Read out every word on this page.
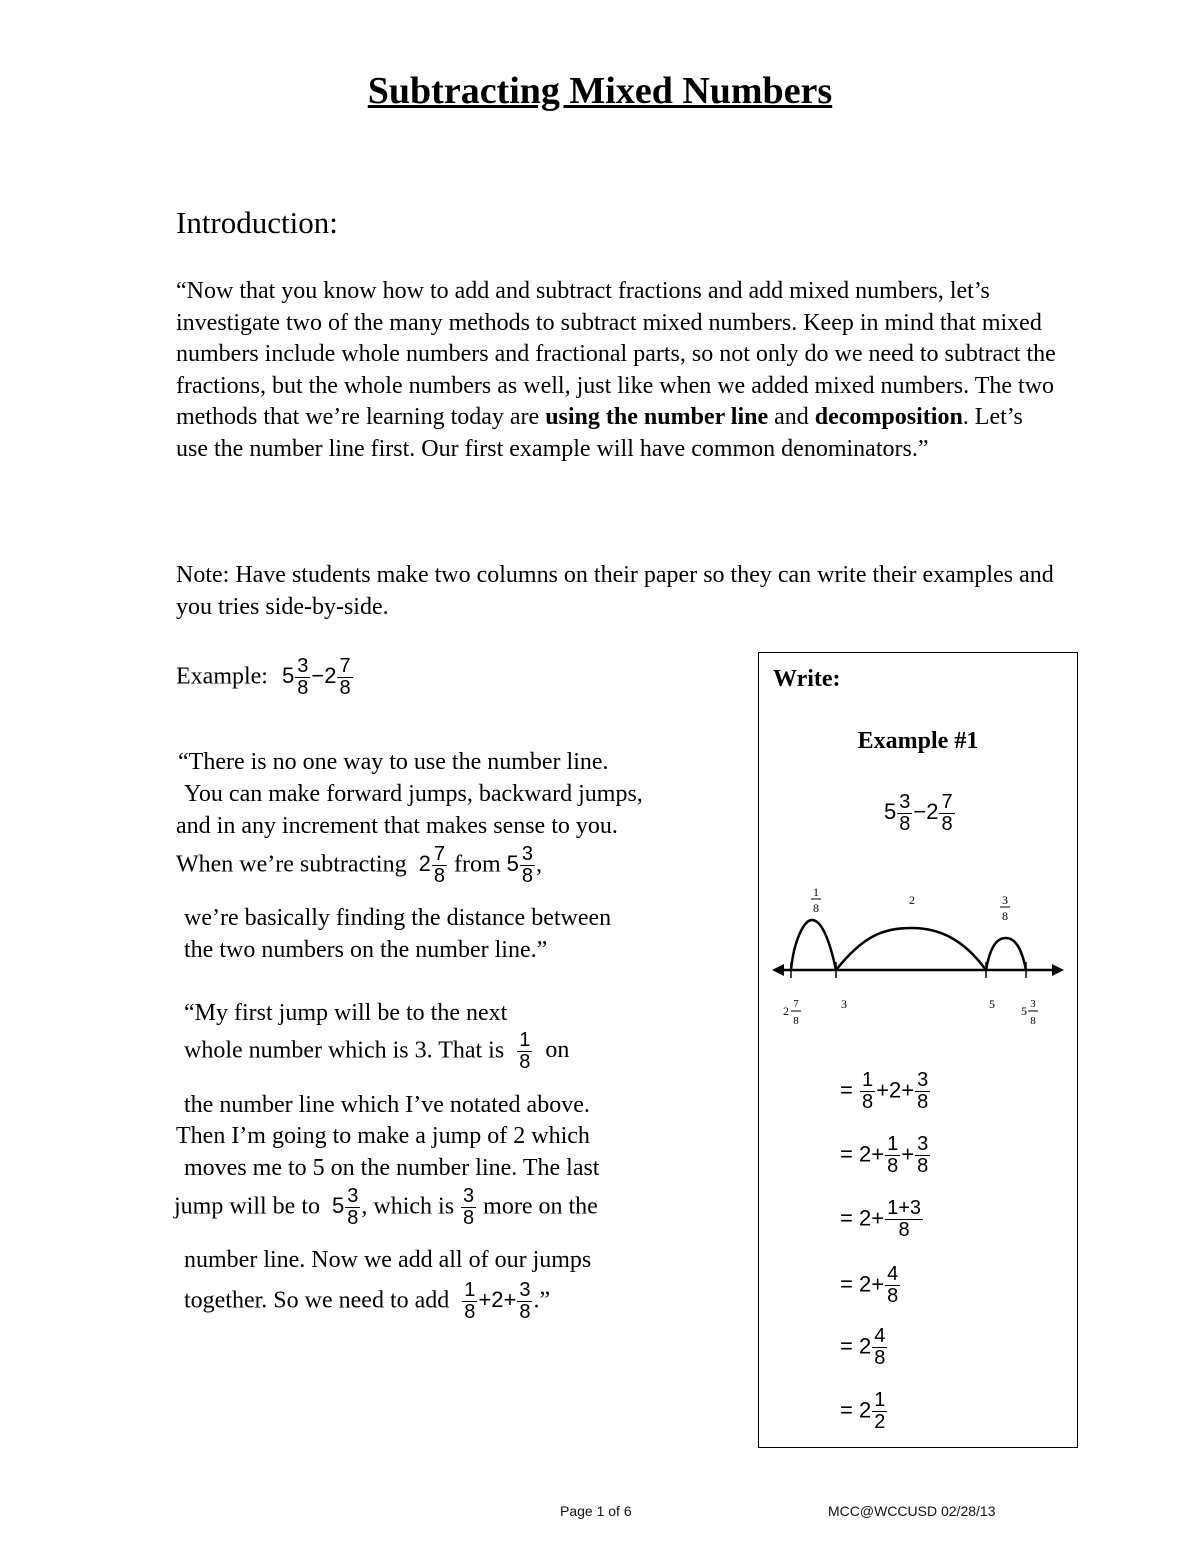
Subtracting Mixed Numbers
Introduction:
“Now that you know how to add and subtract fractions and add mixed numbers, let’s investigate two of the many methods to subtract mixed numbers. Keep in mind that mixed numbers include whole numbers and fractional parts, so not only do we need to subtract the fractions, but the whole numbers as well, just like when we added mixed numbers. The two methods that we’re learning today are using the number line and decomposition. Let’s use the number line first. Our first example will have common denominators.”
Note: Have students make two columns on their paper so they can write their examples and you tries side-by-side.
Example: $5 \frac{3}{8} -2 \frac{7}{8}$
“There is no one way to use the number line.
You can make forward jumps, backward jumps,
and in any increment that makes sense to you.
When we’re subtracting $2 \frac{7}{8}$ from $5 \frac{3}{8}$ ,
we’re basically finding the distance between
the two numbers on the number line.”
“My first jump will be to the next
whole number which is 3. That is $\frac{1}{8}$ on
the number line which I’ve notated above.
Then I’m going to make a jump of 2 which
moves me to 5 on the number line. The last
jump will be to $5 \frac{3}{8}$ , which is $\frac{3}{8}$ more on the
number line. Now we add all of our jumps
together. So we need to add $\frac{1}{8} +2+ \frac{3}{8}$ .”
Write:
Example #1
$5 \frac{3}{8} -2 \frac{7}{8}$
1
8
2	3
8
2 7
8
3	5 5 3
8
= $\frac{1}{8} +2+ \frac{3}{8}$
= $2+ \frac{1}{8} + \frac{3}{8}$
= $2+ \frac{1+3}{8}$
= $2+ \frac{4}{8}$
= $2 \frac{4}{8}$
= $2 \frac{1}{2}$
Page 1 of 6	MCC@WCCUSD 02/28/13
